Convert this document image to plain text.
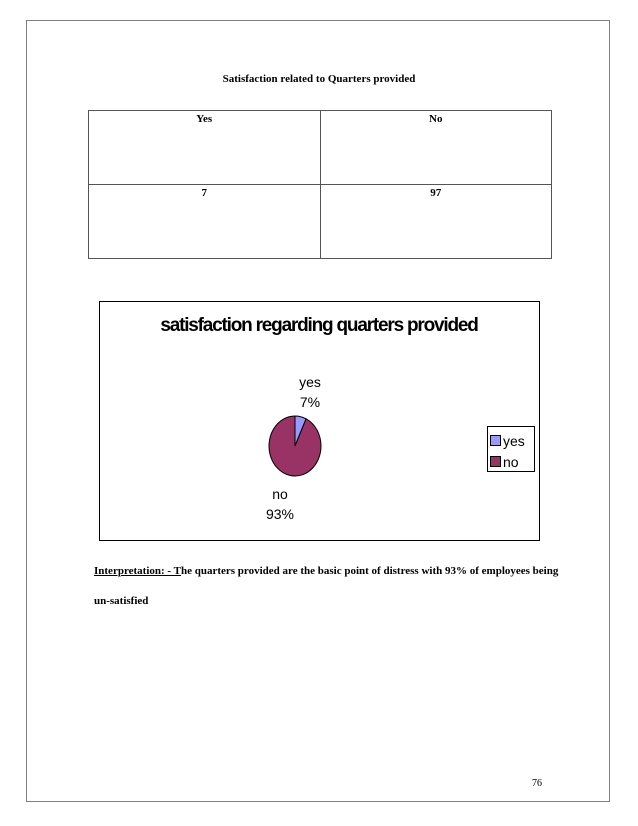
Satisfaction related to Quarters provided
Yes	No
7	97
satisfaction regarding quarters provided
yes
7%
no
93%
yes
no
Interpretation: - The quarters provided are the basic point of distress with 93% of employees being un-satisfied
76
